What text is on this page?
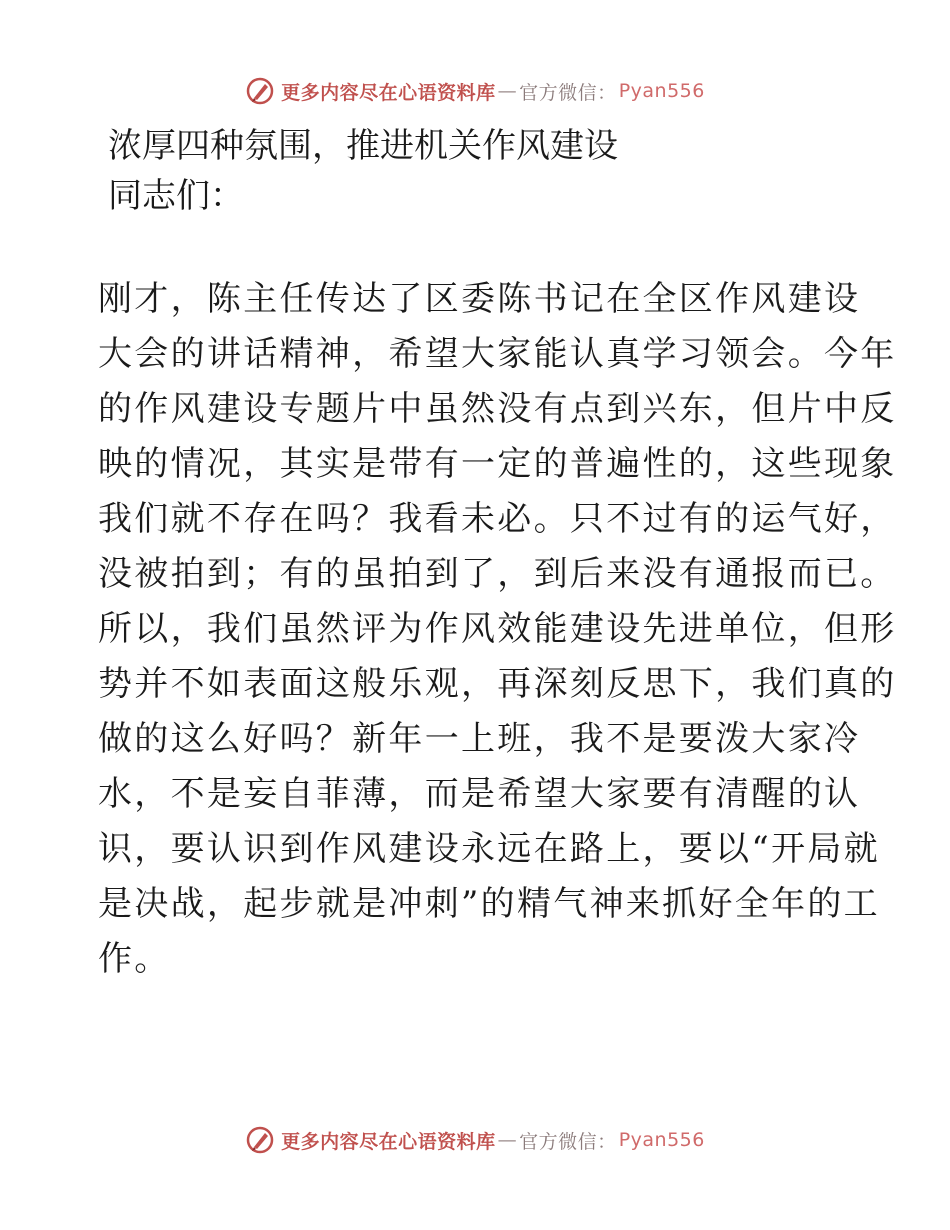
更多内容尽在心语资料库 — 官方微信： Pyan556
浓厚四种氛围，推进机关作风建设

同志们：

刚才，陈主任传达了区委陈书记在全区作风建设
大会的讲话精神，希望大家能认真学习领会。今年
的作风建设专题片中虽然没有点到兴东，但片中反
映的情况，其实是带有一定的普遍性的，这些现象
我们就不存在吗？我看未必。只不过有的运气好，
没被拍到；有的虽拍到了，到后来没有通报而已。
所以，我们虽然评为作风效能建设先进单位，但形
势并不如表面这般乐观，再深刻反思下，我们真的
做的这么好吗？新年一上班，我不是要泼大家冷
水，不是妄自菲薄，而是希望大家要有清醒的认
识，要认识到作风建设永远在路上，要以“开局就
是决战，起步就是冲刺”的精气神来抓好全年的工
作。
更多内容尽在心语资料库 — 官方微信： Pyan556
